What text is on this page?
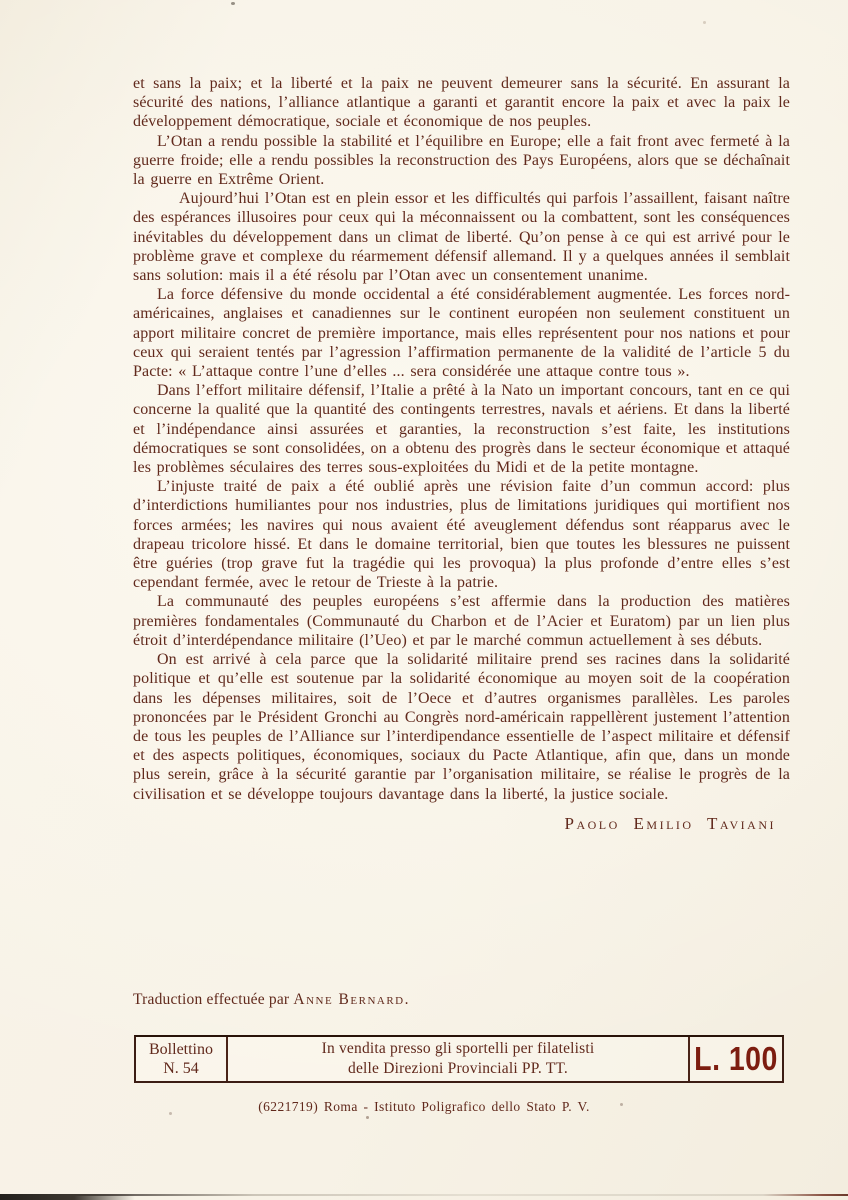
et sans la paix; et la liberté et la paix ne peuvent demeurer sans la sécurité. En assurant la sécurité des nations, l’alliance atlantique a garanti et garantit encore la paix et avec la paix le développement démocratique, sociale et économique de nos peuples.

L’Otan a rendu possible la stabilité et l’équilibre en Europe; elle a fait front avec fermeté à la guerre froide; elle a rendu possibles la reconstruction des Pays Européens, alors que se déchaînait la guerre en Extrême Orient.

Aujourd’hui l’Otan est en plein essor et les difficultés qui parfois l’assaillent, faisant naître des espérances illusoires pour ceux qui la méconnaissent ou la combattent, sont les conséquences inévitables du développement dans un climat de liberté. Qu’on pense à ce qui est arrivé pour le problème grave et complexe du réarmement défensif allemand. Il y a quelques années il semblait sans solution: mais il a été résolu par l’Otan avec un consentement unanime.

La force défensive du monde occidental a été considérablement augmentée. Les forces nord-américaines, anglaises et canadiennes sur le continent européen non seulement constituent un apport militaire concret de première importance, mais elles représentent pour nos nations et pour ceux qui seraient tentés par l’agression l’affirmation permanente de la validité de l’article 5 du Pacte: « L’attaque contre l’une d’elles ... sera considérée une attaque contre tous ».

Dans l’effort militaire défensif, l’Italie a prêté à la Nato un important concours, tant en ce qui concerne la qualité que la quantité des contingents terrestres, navals et aériens. Et dans la liberté et l’indépendance ainsi assurées et garanties, la reconstruction s’est faite, les institutions démocratiques se sont consolidées, on a obtenu des progrès dans le secteur économique et attaqué les problèmes séculaires des terres sous-exploitées du Midi et de la petite montagne.

L’injuste traité de paix a été oublié après une révision faite d’un commun accord: plus d’interdictions humiliantes pour nos industries, plus de limitations juridiques qui mortifient nos forces armées; les navires qui nous avaient été aveuglement défendus sont réapparus avec le drapeau tricolore hissé. Et dans le domaine territorial, bien que toutes les blessures ne puissent être guéries (trop grave fut la tragédie qui les provoqua) la plus profonde d’entre elles s’est cependant fermée, avec le retour de Trieste à la patrie.

La communauté des peuples européens s’est affermie dans la production des matières premières fondamentales (Communauté du Charbon et de l’Acier et Euratom) par un lien plus étroit d’interdépendance militaire (l’Ueo) et par le marché commun actuellement à ses débuts.

On est arrivé à cela parce que la solidarité militaire prend ses racines dans la solidarité politique et qu’elle est soutenue par la solidarité économique au moyen soit de la coopération dans les dépenses militaires, soit de l’Oece et d’autres organismes parallèles. Les paroles prononcées par le Président Gronchi au Congrès nord-américain rappellèrent justement l’attention de tous les peuples de l’Alliance sur l’interdipendance essentielle de l’aspect militaire et défensif et des aspects politiques, économiques, sociaux du Pacte Atlantique, afin que, dans un monde plus serein, grâce à la sécurité garantie par l’organisation militaire, se réalise le progrès de la civilisation et se développe toujours davantage dans la liberté, la justice sociale.

Paolo Emilio Taviani
Traduction effectuée par Anne Bernard.
Bollettino
N. 54
In vendita presso gli sportelli per filatelisti
delle Direzioni Provinciali PP. TT.	L. 100
(6221719) Roma - Istituto Poligrafico dello Stato P. V.
